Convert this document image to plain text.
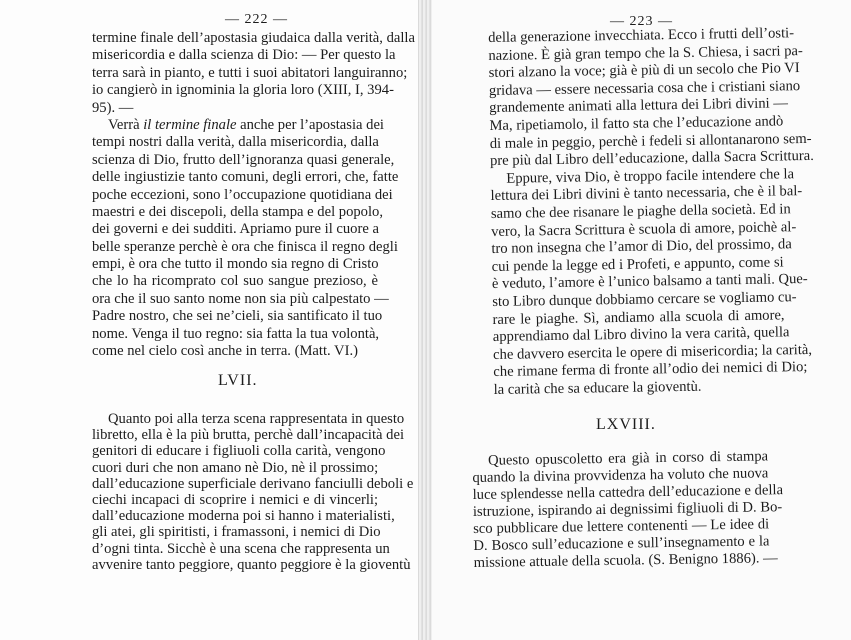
— 222 —
termine finale dell’apostasia giudaica dalla verità, dalla
misericordia e dalla scienza di Dio: — Per questo la
terra sarà in pianto, e tutti i suoi abitatori languiranno;
io cangierò in ignominia la gloria loro (XIII, I, 394-
95). —
Verrà il termine finale anche per l’apostasia dei
tempi nostri dalla verità, dalla misericordia, dalla
scienza di Dio, frutto dell’ignoranza quasi generale,
delle ingiustizie tanto comuni, degli errori, che, fatte
poche eccezioni, sono l’occupazione quotidiana dei
maestri e dei discepoli, della stampa e del popolo,
dei governi e dei sudditi. Apriamo pure il cuore a
belle speranze perchè è ora che finisca il regno degli
empi, è ora che tutto il mondo sia regno di Cristo
che lo ha ricomprato col suo sangue prezioso, è
ora che il suo santo nome non sia più calpestato —
Padre nostro, che sei ne’cieli, sia santificato il tuo
nome. Venga il tuo regno: sia fatta la tua volontà,
come nel cielo così anche in terra. (Matt. VI.)
LVII.
Quanto poi alla terza scena rappresentata in questo
libretto, ella è la più brutta, perchè dall’incapacità dei
genitori di educare i figliuoli colla carità, vengono
cuori duri che non amano nè Dio, nè il prossimo;
dall’educazione superficiale derivano fanciulli deboli e
ciechi incapaci di scoprire i nemici e di vincerli;
dall’educazione moderna poi si hanno i materialisti,
gli atei, gli spiritisti, i framassoni, i nemici di Dio
d’ogni tinta. Sicchè è una scena che rappresenta un
avvenire tanto peggiore, quanto peggiore è la gioventù
— 223 —
della generazione invecchiata. Ecco i frutti dell’osti-
nazione. È già gran tempo che la S. Chiesa, i sacri pa-
stori alzano la voce; già è più di un secolo che Pio VI
gridava — essere necessaria cosa che i cristiani siano
grandemente animati alla lettura dei Libri divini —
Ma, ripetiamolo, il fatto sta che l’educazione andò
di male in peggio, perchè i fedeli si allontanarono sem-
pre più dal Libro dell’educazione, dalla Sacra Scrittura.
Eppure, viva Dio, è troppo facile intendere che la
lettura dei Libri divini è tanto necessaria, che è il bal-
samo che dee risanare le piaghe della società. Ed in
vero, la Sacra Scrittura è scuola di amore, poichè al-
tro non insegna che l’amor di Dio, del prossimo, da
cui pende la legge ed i Profeti, e appunto, come si
è veduto, l’amore è l’unico balsamo a tanti mali. Que-
sto Libro dunque dobbiamo cercare se vogliamo cu-
rare le piaghe. Sì, andiamo alla scuola di amore,
apprendiamo dal Libro divino la vera carità, quella
che davvero esercita le opere di misericordia; la carità,
che rimane ferma di fronte all’odio dei nemici di Dio;
la carità che sa educare la gioventù.
LXVIII.
Questo opuscoletto era già in corso di stampa
quando la divina provvidenza ha voluto che nuova
luce splendesse nella cattedra dell’educazione e della
istruzione, ispirando ai degnissimi figliuoli di D. Bo-
sco pubblicare due lettere contenenti — Le idee di
D. Bosco sull’educazione e sull’insegnamento e la
missione attuale della scuola. (S. Benigno 1886). —
